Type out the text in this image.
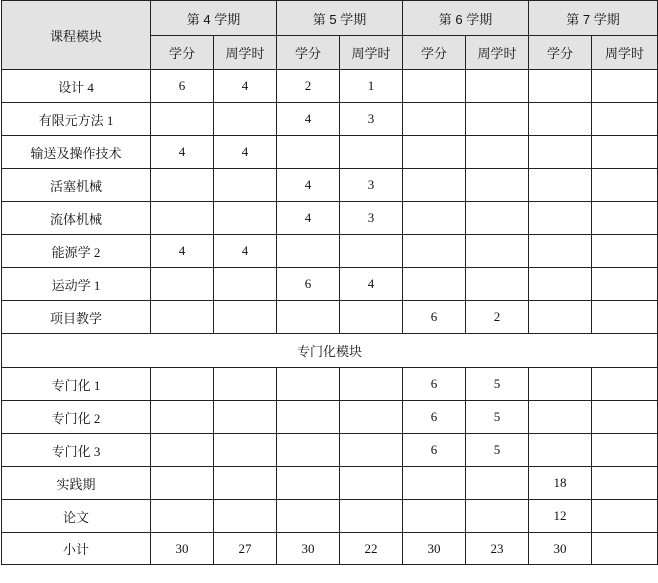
课程模块	第 4 学期		第 5 学期		第 6 学期		第 7 学期	
	学分	周学时	学分	周学时	学分	周学时	学分	周学时
设计 4	6	4	2	1				
有限元方法 1			4	3				
输送及操作技术	4	4						
活塞机械			4	3				
流体机械			4	3				
能源学 2	4	4						
运动学 1			6	4				
项目教学					6	2		
专门化模块								
专门化 1					6	5		
专门化 2					6	5		
专门化 3					6	5		
实践期							18	
论文							12	
小计	30	27	30	22	30	23	30	
